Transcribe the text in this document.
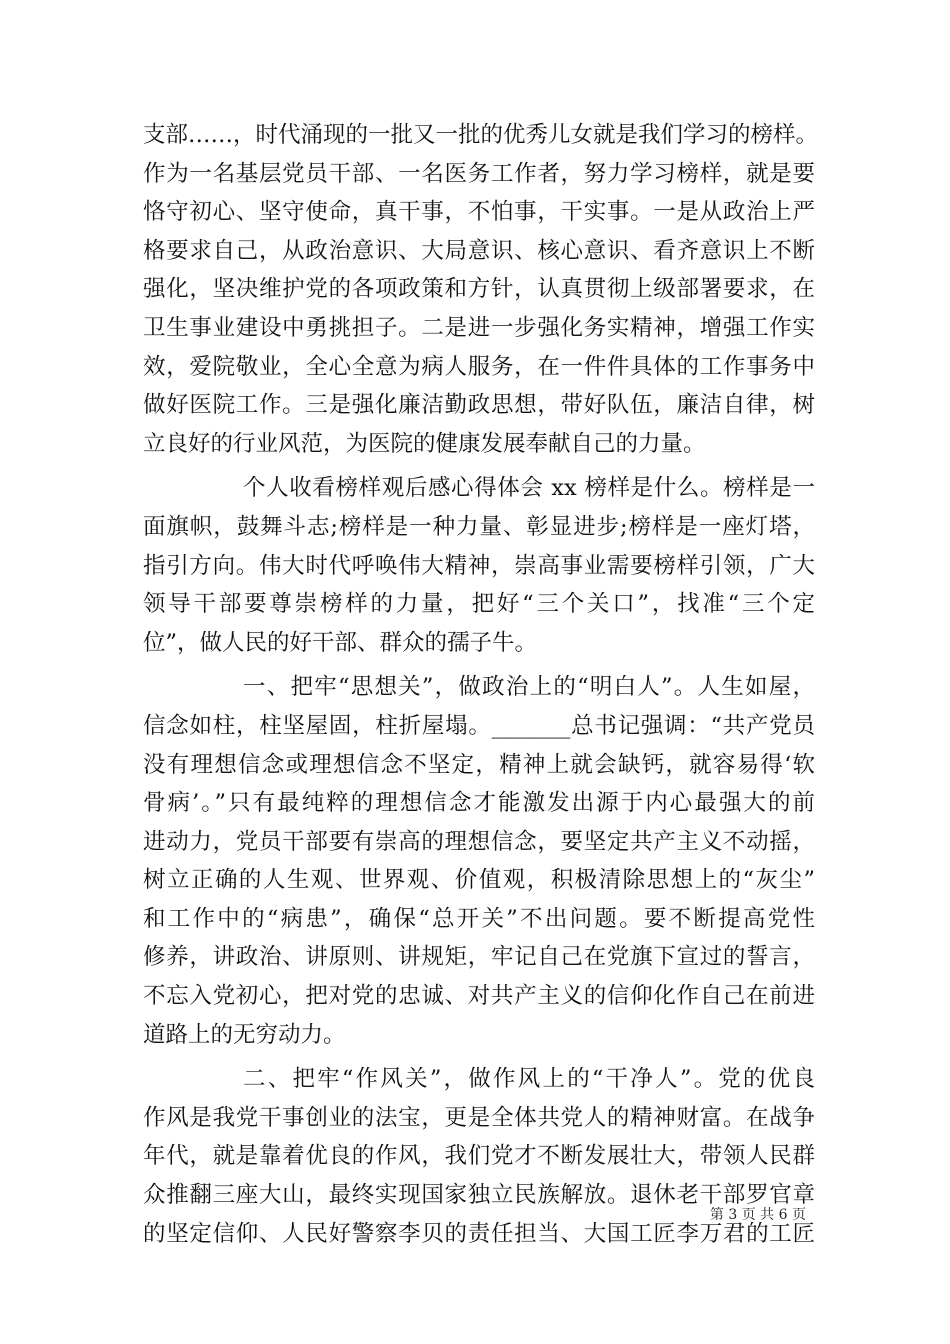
支部……，时代涌现的一批又一批的优秀儿女就是我们学习的榜样。
作为一名基层党员干部、一名医务工作者，努力学习榜样，就是要
恪守初心、坚守使命，真干事，不怕事，干实事。一是从政治上严
格要求自己，从政治意识、大局意识、核心意识、看齐意识上不断
强化，坚决维护党的各项政策和方针，认真贯彻上级部署要求，在
卫生事业建设中勇挑担子。二是进一步强化务实精神，增强工作实
效，爱院敬业，全心全意为病人服务，在一件件具体的工作事务中
做好医院工作。三是强化廉洁勤政思想，带好队伍，廉洁自律，树
立良好的行业风范，为医院的健康发展奉献自己的力量。
个人收看榜样观后感心得体会 xx 榜样是什么。榜样是一
面旗帜，鼓舞斗志;榜样是一种力量、彰显进步;榜样是一座灯塔，
指引方向。伟大时代呼唤伟大精神，崇高事业需要榜样引领，广大
领导干部要尊崇榜样的力量，把好“三个关口”，找准“三个定
位”，做人民的好干部、群众的孺子牛。
一、把牢“思想关”，做政治上的“明白人”。人生如屋，
信念如柱，柱坚屋固，柱折屋塌。_______总书记强调：“共产党员
没有理想信念或理想信念不坚定，精神上就会缺钙，就容易得‘软
骨病’。”只有最纯粹的理想信念才能激发出源于内心最强大的前
进动力，党员干部要有崇高的理想信念，要坚定共产主义不动摇，
树立正确的人生观、世界观、价值观，积极清除思想上的“灰尘”
和工作中的“病患”，确保“总开关”不出问题。要不断提高党性
修养，讲政治、讲原则、讲规矩，牢记自己在党旗下宣过的誓言，
不忘入党初心，把对党的忠诚、对共产主义的信仰化作自己在前进
道路上的无穷动力。
二、把牢“作风关”，做作风上的“干净人”。党的优良
作风是我党干事创业的法宝，更是全体共党人的精神财富。在战争
年代，就是靠着优良的作风，我们党才不断发展壮大，带领人民群
众推翻三座大山，最终实现国家独立民族解放。退休老干部罗官章
的坚定信仰、人民好警察李贝的责任担当、大国工匠李万君的工匠
第 3 页 共 6 页
